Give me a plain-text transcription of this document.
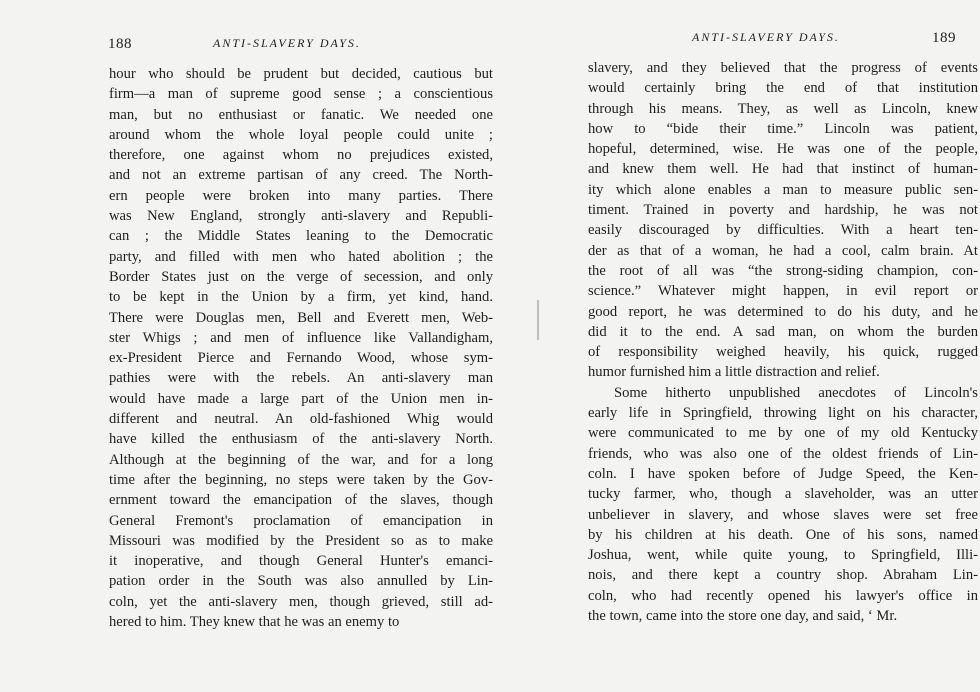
188	ANTI-SLAVERY DAYS.
hour who should be prudent but decided, cautious but
firm—a man of supreme good sense ; a conscientious
man, but no enthusiast or fanatic. We needed one
around whom the whole loyal people could unite ;
therefore, one against whom no prejudices existed,
and not an extreme partisan of any creed. The North-
ern people were broken into many parties. There
was New England, strongly anti-slavery and Republi-
can ; the Middle States leaning to the Democratic
party, and filled with men who hated abolition ; the
Border States just on the verge of secession, and only
to be kept in the Union by a firm, yet kind, hand.
There were Douglas men, Bell and Everett men, Web-
ster Whigs ; and men of influence like Vallandigham,
ex-President Pierce and Fernando Wood, whose sym-
pathies were with the rebels. An anti-slavery man
would have made a large part of the Union men in-
different and neutral. An old-fashioned Whig would
have killed the enthusiasm of the anti-slavery North.
Although at the beginning of the war, and for a long
time after the beginning, no steps were taken by the Gov-
ernment toward the emancipation of the slaves, though
General Fremont's proclamation of emancipation in
Missouri was modified by the President so as to make
it inoperative, and though General Hunter's emanci-
pation order in the South was also annulled by Lin-
coln, yet the anti-slavery men, though grieved, still ad-
hered to him. They knew that he was an enemy to
189
ANTI-SLAVERY DAYS.
slavery, and they believed that the progress of events
would certainly bring the end of that institution
through his means. They, as well as Lincoln, knew
how to “bide their time.” Lincoln was patient,
hopeful, determined, wise. He was one of the people,
and knew them well. He had that instinct of human-
ity which alone enables a man to measure public sen-
timent. Trained in poverty and hardship, he was not
easily discouraged by difficulties. With a heart ten-
der as that of a woman, he had a cool, calm brain. At
the root of all was “the strong-siding champion, con-
science.” Whatever might happen, in evil report or
good report, he was determined to do his duty, and he
did it to the end. A sad man, on whom the burden
of responsibility weighed heavily, his quick, rugged
humor furnished him a little distraction and relief.
Some hitherto unpublished anecdotes of Lincoln's
early life in Springfield, throwing light on his character,
were communicated to me by one of my old Kentucky
friends, who was also one of the oldest friends of Lin-
coln. I have spoken before of Judge Speed, the Ken-
tucky farmer, who, though a slaveholder, was an utter
unbeliever in slavery, and whose slaves were set free
by his children at his death. One of his sons, named
Joshua, went, while quite young, to Springfield, Illi-
nois, and there kept a country shop. Abraham Lin-
coln, who had recently opened his lawyer's office in
the town, came into the store one day, and said, ‘ Mr.
